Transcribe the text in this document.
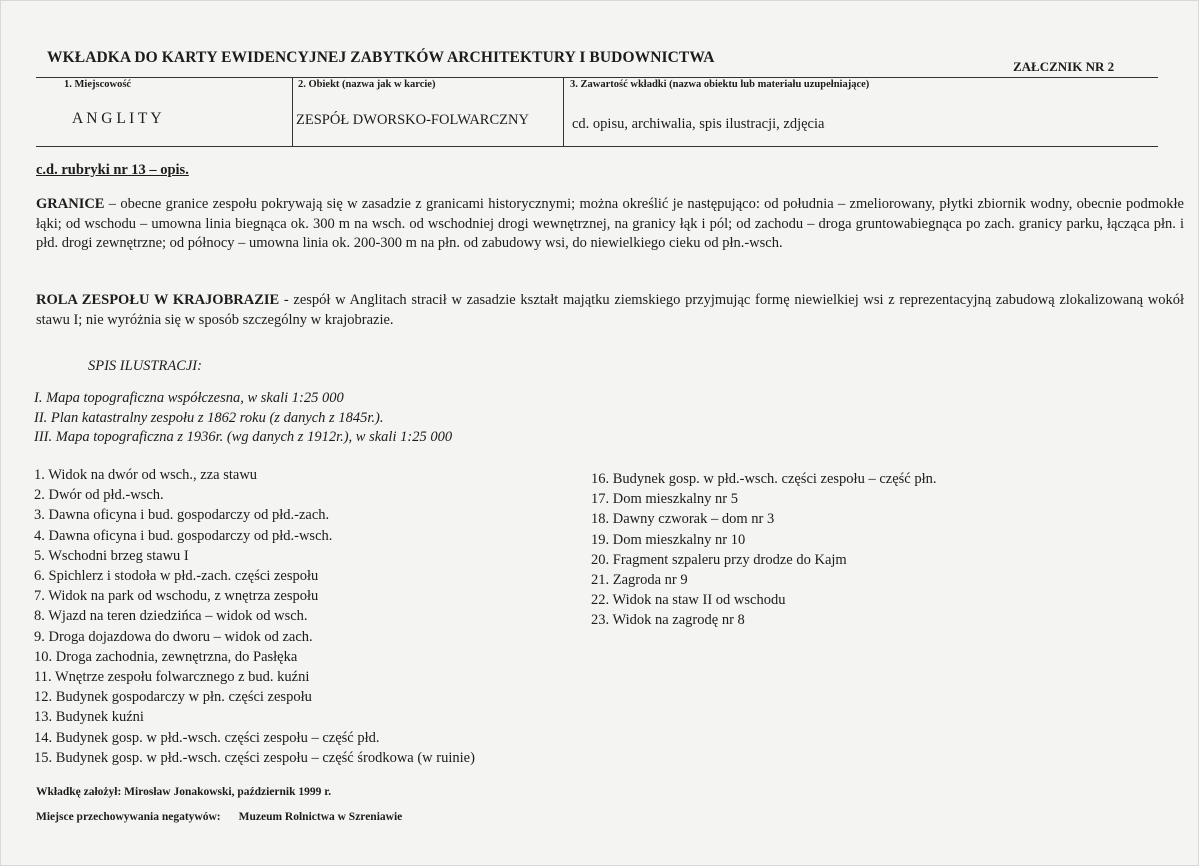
WKŁADKA DO KARTY EWIDENCYJNEJ ZABYTKÓW ARCHITEKTURY I BUDOWNICTWA
ZAŁCZNIK NR 2
1. Miejscowość	2. Obiekt (nazwa jak w karcie)	3. Zawartość wkładki (nazwa obiektu lub materiału uzupełniające)
A N G L I T Y	ZESPÓŁ DWORSKO-FOLWARCZNY	cd. opisu, archiwalia, spis ilustracji, zdjęcia
c.d. rubryki nr 13 – opis.
GRANICE – obecne granice zespołu pokrywają się w zasadzie z granicami historycznymi; można określić je następująco: od południa – zmeliorowany, płytki zbiornik wodny, obecnie podmokłe łąki; od wschodu – umowna linia biegnąca ok. 300 m na wsch. od wschodniej drogi wewnętrznej, na granicy łąk i pól; od zachodu – droga gruntowabiegnąca po zach. granicy parku, łącząca płn. i płd. drogi zewnętrzne; od północy – umowna linia ok. 200-300 m na płn. od zabudowy wsi, do niewielkiego cieku od płn.-wsch.
ROLA ZESPOŁU W KRAJOBRAZIE - zespół w Anglitach stracił w zasadzie kształt majątku ziemskiego przyjmując formę niewielkiej wsi z reprezentacyjną zabudową zlokalizowaną wokół stawu I; nie wyróżnia się w sposób szczególny w krajobrazie.
SPIS ILUSTRACJI:
I. Mapa topograficzna współczesna, w skali 1:25 000
II. Plan katastralny zespołu z 1862 roku (z danych z 1845r.).
III. Mapa topograficzna z 1936r. (wg danych z 1912r.), w skali 1:25 000
1. Widok na dwór od wsch., zza stawu
2. Dwór od płd.-wsch.
3. Dawna oficyna i bud. gospodarczy od płd.-zach.
4. Dawna oficyna i bud. gospodarczy od płd.-wsch.
5. Wschodni brzeg stawu I
6. Spichlerz i stodoła w płd.-zach. części zespołu
7. Widok na park od wschodu, z wnętrza zespołu
8. Wjazd na teren dziedzińca – widok od wsch.
9. Droga dojazdowa do dworu – widok od zach.
10. Droga zachodnia, zewnętrzna, do Pasłęka
11. Wnętrze zespołu folwarcznego z bud. kuźni
12. Budynek gospodarczy w płn. części zespołu
13. Budynek kuźni
14. Budynek gosp. w płd.-wsch. części zespołu – część płd.
15. Budynek gosp. w płd.-wsch. części zespołu – część środkowa (w ruinie)
16. Budynek gosp. w płd.-wsch. części zespołu – część płn.
17. Dom mieszkalny nr 5
18. Dawny czworak – dom nr 3
19. Dom mieszkalny nr 10
20. Fragment szpaleru przy drodze do Kajm
21. Zagroda nr 9
22. Widok na staw II od wschodu
23. Widok na zagrodę nr 8
Wkładkę założył: Mirosław Jonakowski, październik 1999 r.
Miejsce przechowywania negatywów: Muzeum Rolnictwa w Szreniawie
